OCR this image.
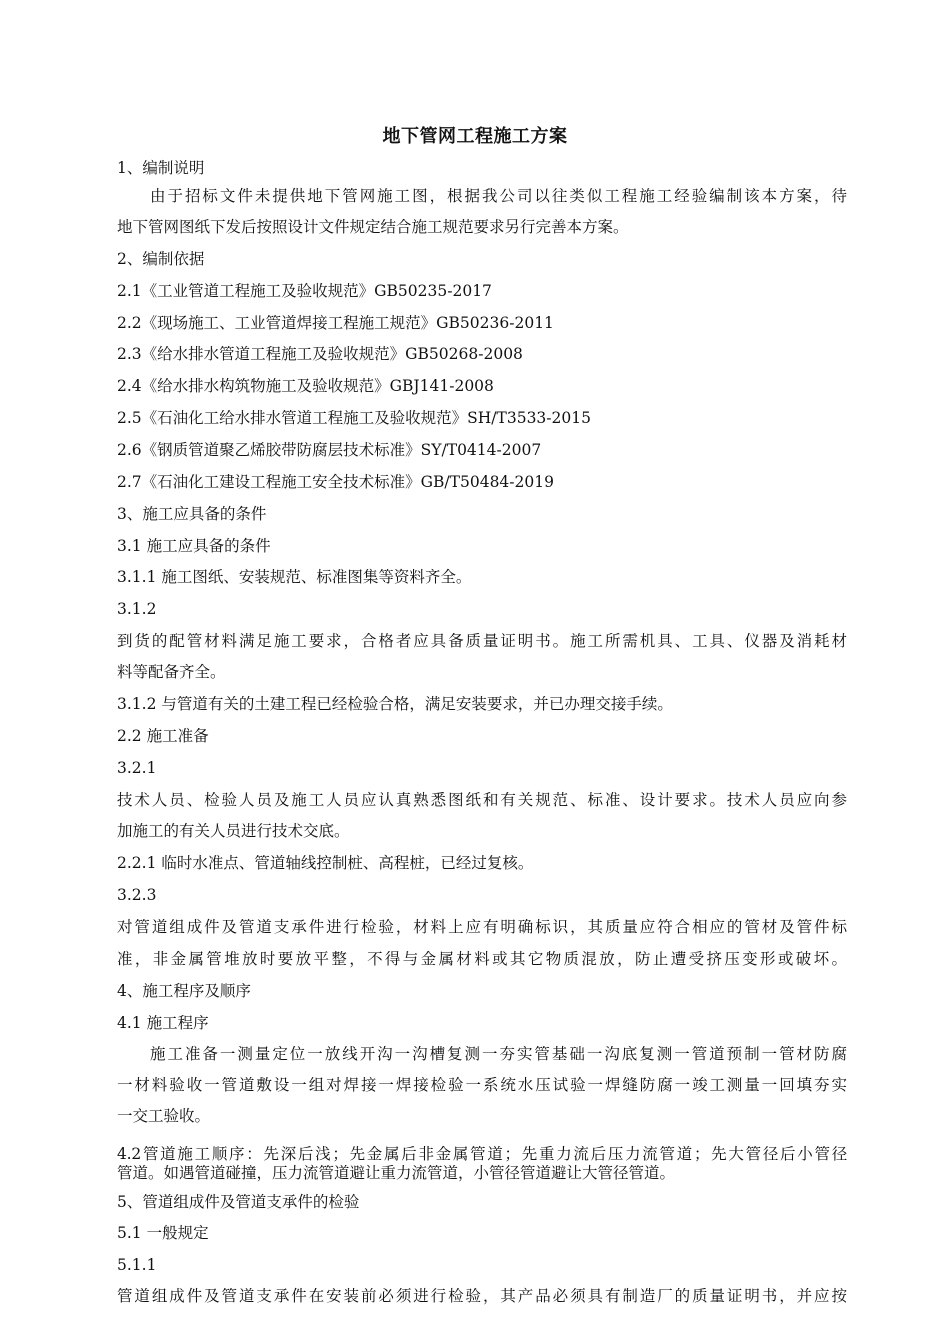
地下管网工程施工方案
1、编制说明
由于招标文件未提供地下管网施工图，根据我公司以往类似工程施工经验编制该本方案，待
地下管网图纸下发后按照设计文件规定结合施工规范要求另行完善本方案。
2、编制依据
2.1《工业管道工程施工及验收规范》GB50235-2017
2.2《现场施工、工业管道焊接工程施工规范》GB50236-2011
2.3《给水排水管道工程施工及验收规范》GB50268-2008
2.4《给水排水构筑物施工及验收规范》GBJ141-2008
2.5《石油化工给水排水管道工程施工及验收规范》SH/T3533-2015
2.6《钢质管道聚乙烯胶带防腐层技术标准》SY/T0414-2007
2.7《石油化工建设工程施工安全技术标准》GB/T50484-2019
3、施工应具备的条件
3.1 施工应具备的条件
3.1.1 施工图纸、安装规范、标准图集等资料齐全。
3.1.2
到货的配管材料满足施工要求，合格者应具备质量证明书。施工所需机具、工具、仪器及消耗材
料等配备齐全。
3.1.2 与管道有关的土建工程已经检验合格，满足安装要求，并已办理交接手续。
2.2 施工准备
3.2.1
技术人员、检验人员及施工人员应认真熟悉图纸和有关规范、标准、设计要求。技术人员应向参
加施工的有关人员进行技术交底。
2.2.1 临时水准点、管道轴线控制桩、高程桩，已经过复核。
3.2.3
对管道组成件及管道支承件进行检验，材料上应有明确标识，其质量应符合相应的管材及管件标
准，非金属管堆放时要放平整，不得与金属材料或其它物质混放，防止遭受挤压变形或破坏。
4、施工程序及顺序
4.1 施工程序
施工准备一测量定位一放线开沟一沟槽复测一夯实管基础一沟底复测一管道预制一管材防腐
一材料验收一管道敷设一组对焊接一焊接检验一系统水压试验一焊缝防腐一竣工测量一回填夯实
一交工验收。
4.2管道施工顺序：先深后浅；先金属后非金属管道；先重力流后压力流管道；先大管径后小管径
管道。如遇管道碰撞，压力流管道避让重力流管道，小管径管道避让大管径管道。
5、管道组成件及管道支承件的检验
5.1 一般规定
5.1.1
管道组成件及管道支承件在安装前必须进行检验，其产品必须具有制造厂的质量证明书，并应按
